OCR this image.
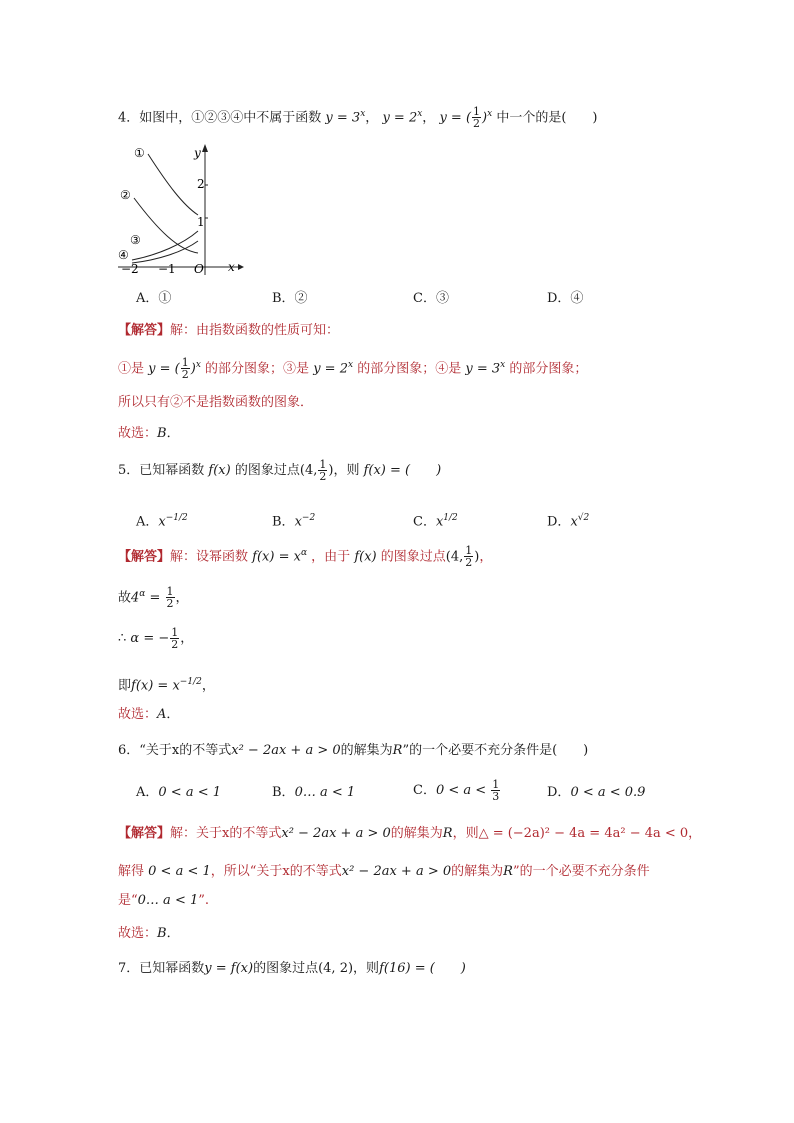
4．如图中，①②③④中不属于函数 $y = 3^x$， $y = 2^x$， y = ( $\frac{1}{2} )^x$ 中一个的是(　　)
①
②
③
④
y
x
2
1
−2 −1 O
A．①	B．②	C．③	D．④
【解答】解：由指数函数的性质可知：
①是 y = ( $\frac{1}{2} )^x$ 的部分图象；③是 $y = 2^x$ 的部分图象；④是 $y = 3^x$ 的部分图象；
所以只有②不是指数函数的图象．
故选：B．
5．已知幂函数 f(x) 的图象过点(4, $\frac{1}{2}$ )，则 f(x) = (　　)
A．$x^{-1/2}$	B．$x^{-2}$	C．$x^{1/2}$	D．$x^{√2}$
【解答】解：设幂函数 $f(x) = x^\alpha$ ，由于 f(x) 的图象过点(4, $\frac{1}{2}$ )，
故$4^\alpha = \frac{1}{2}$ ，
∴ α = − $\frac{1}{2}$ ，
即$f(x) = x^{-1/2}$，
故选：A．
6．“关于x的不等式x² − 2ax + a > 0的解集为R”的一个必要不充分条件是(　　)
A．0 < a < 1	B．0… a < 1	C．$0 < a < \frac{1}{3}$	D．0 < a < 0.9
【解答】解：关于x的不等式x² − 2ax + a > 0的解集为R，则△ = (−2a)² − 4a = 4a² − 4a < 0，
解得 0 < a < 1，所以“关于x的不等式x² − 2ax + a > 0的解集为R”的一个必要不充分条件
是“0… a < 1”.
故选：B．
7．已知幂函数y = f(x)的图象过点(4, 2)，则f(16) = (　　)
